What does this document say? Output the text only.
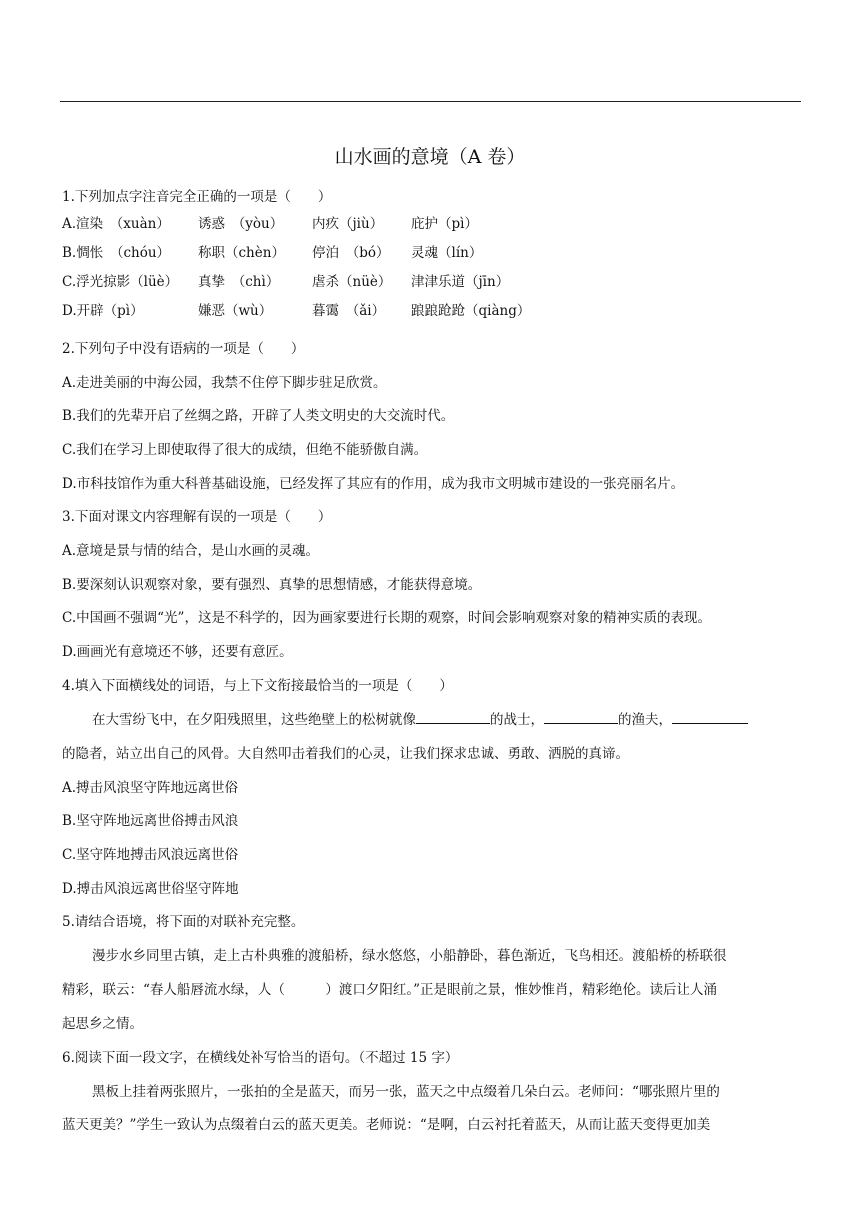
山水画的意境（A 卷）
1.下列加点字注音完全正确的一项是（　　）
A.渲染　（xuàn） 诱惑　（yòu） 内疚（jiù） 庇护（pì）
B.惆怅　（chóu） 称职（chèn） 停泊　（bó） 灵魂（lín）
C.浮光掠影（lüè） 真挚　（chì） 虐杀（nüè） 津津乐道（jīn）
D.开辟（pì）	嫌恶（wù）	暮霭　（ǎi） 踉踉跄跄（qiàng）
2.下列句子中没有语病的一项是（　　）
A.走进美丽的中海公园，我禁不住停下脚步驻足欣赏。
B.我们的先辈开启了丝绸之路，开辟了人类文明史的大交流时代。
C.我们在学习上即使取得了很大的成绩，但绝不能骄傲自满。
D.市科技馆作为重大科普基础设施，已经发挥了其应有的作用，成为我市文明城市建设的一张亮丽名片。
3.下面对课文内容理解有误的一项是（　　）
A.意境是景与情的结合，是山水画的灵魂。
B.要深刻认识观察对象，要有强烈、真挚的思想情感，才能获得意境。
C.中国画不强调“光”，这是不科学的，因为画家要进行长期的观察，时间会影响观察对象的精神实质的表现。
D.画画光有意境还不够，还要有意匠。
4.填入下面横线处的词语，与上下文衔接最恰当的一项是（　　）
在大雪纷飞中，在夕阳残照里，这些绝壁上的松树就像	的战士，	的渔夫，
的隐者，站立出自己的风骨。大自然叩击着我们的心灵，让我们探求忠诚、勇敢、洒脱的真谛。
A.搏击风浪坚守阵地远离世俗
B.坚守阵地远离世俗搏击风浪
C.坚守阵地搏击风浪远离世俗
D.搏击风浪远离世俗坚守阵地
5.请结合语境，将下面的对联补充完整。
漫步水乡同里古镇，走上古朴典雅的渡船桥，绿水悠悠，小船静卧，暮色渐近，飞鸟相还。渡船桥的桥联很
精彩，联云：“春人船唇流水绿，人（　　　）渡口夕阳红。”正是眼前之景，惟妙惟肖，精彩绝伦。读后让人涌
起思乡之情。
6.阅读下面一段文字，在横线处补写恰当的语句。（不超过 15 字）
黑板上挂着两张照片，一张拍的全是蓝天，而另一张，蓝天之中点缀着几朵白云。老师问：“哪张照片里的
蓝天更美？”学生一致认为点缀着白云的蓝天更美。老师说：“是啊，白云衬托着蓝天，从而让蓝天变得更加美
